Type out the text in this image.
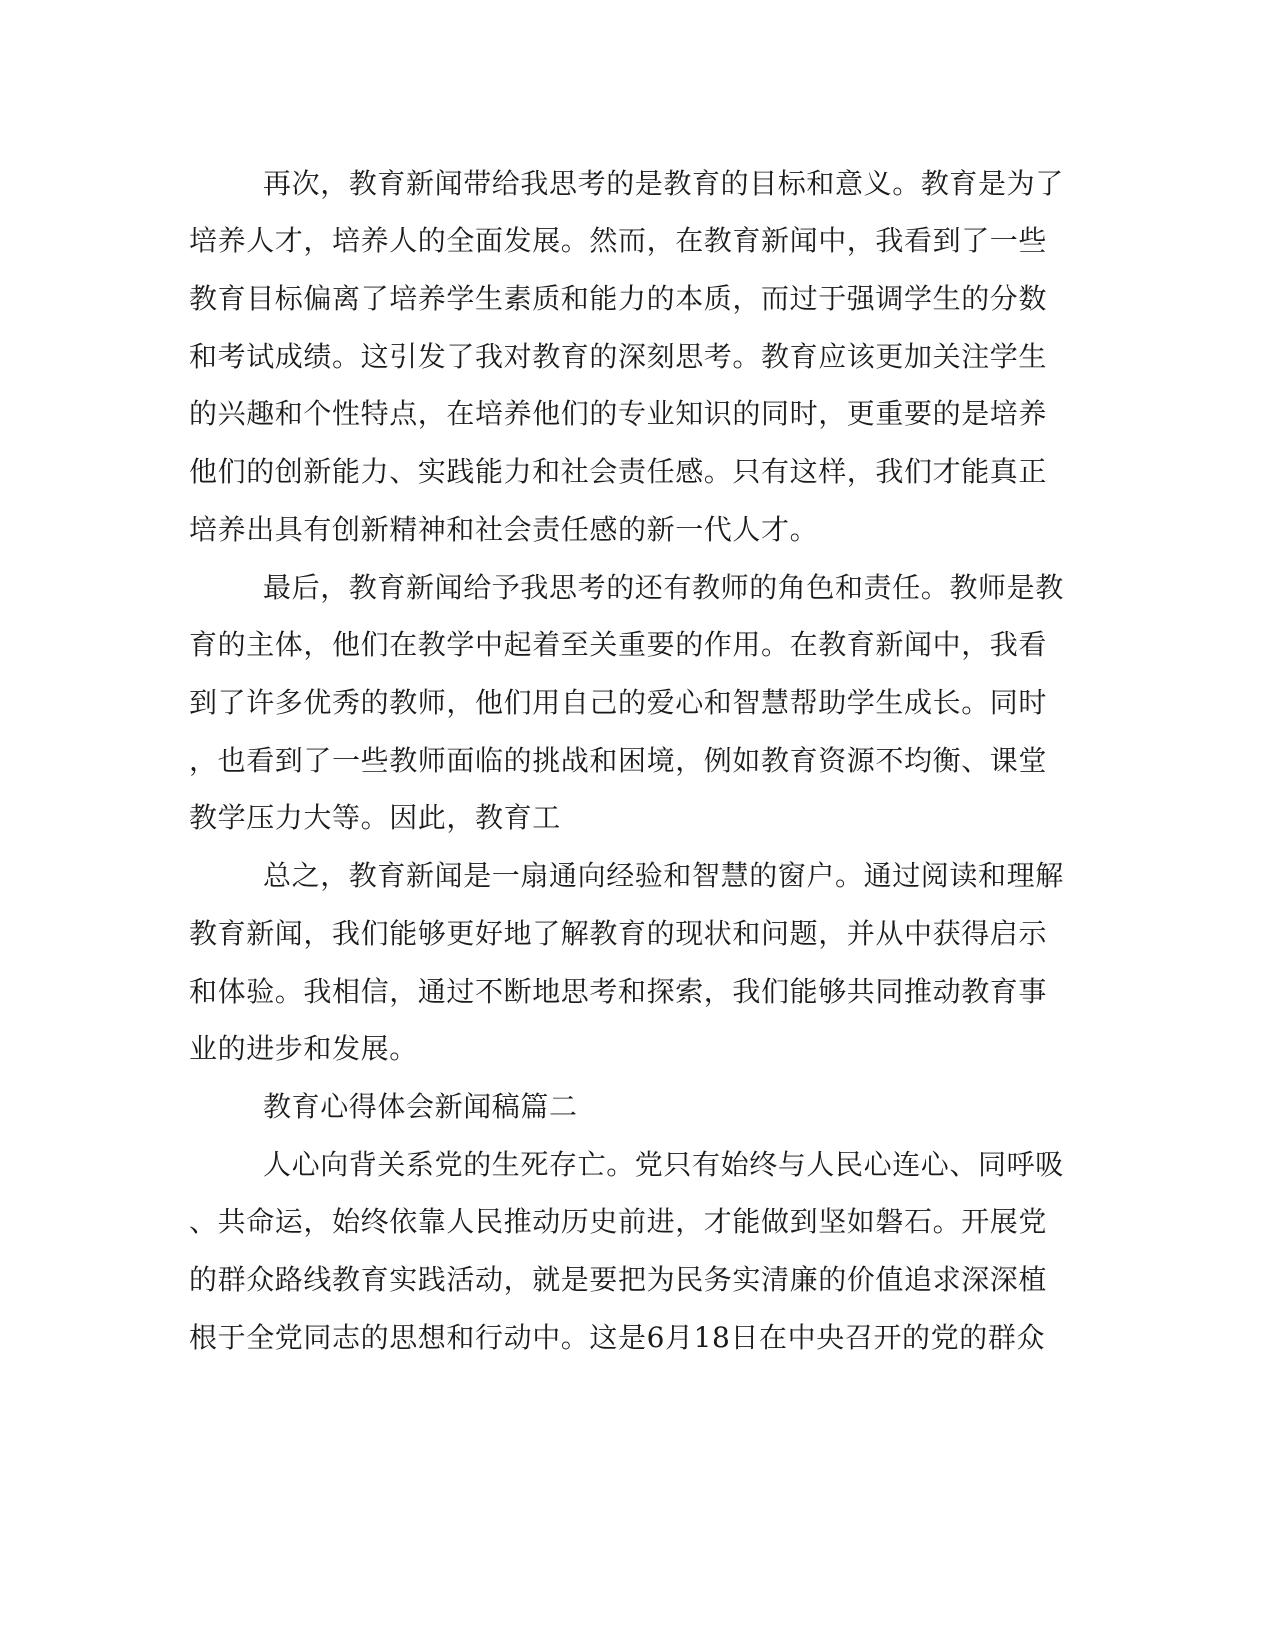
再次，教育新闻带给我思考的是教育的目标和意义。教育是为了
培养人才，培养人的全面发展。然而，在教育新闻中，我看到了一些
教育目标偏离了培养学生素质和能力的本质，而过于强调学生的分数
和考试成绩。这引发了我对教育的深刻思考。教育应该更加关注学生
的兴趣和个性特点，在培养他们的专业知识的同时，更重要的是培养
他们的创新能力、实践能力和社会责任感。只有这样，我们才能真正
培养出具有创新精神和社会责任感的新一代人才。
最后，教育新闻给予我思考的还有教师的角色和责任。教师是教
育的主体，他们在教学中起着至关重要的作用。在教育新闻中，我看
到了许多优秀的教师，他们用自己的爱心和智慧帮助学生成长。同时
，也看到了一些教师面临的挑战和困境，例如教育资源不均衡、课堂
教学压力大等。因此，教育工
总之，教育新闻是一扇通向经验和智慧的窗户。通过阅读和理解
教育新闻，我们能够更好地了解教育的现状和问题，并从中获得启示
和体验。我相信，通过不断地思考和探索，我们能够共同推动教育事
业的进步和发展。
教育心得体会新闻稿篇二
人心向背关系党的生死存亡。党只有始终与人民心连心、同呼吸
、共命运，始终依靠人民推动历史前进，才能做到坚如磐石。开展党
的群众路线教育实践活动，就是要把为民务实清廉的价值追求深深植
根于全党同志的思想和行动中。这是6月18日在中央召开的党的群众
